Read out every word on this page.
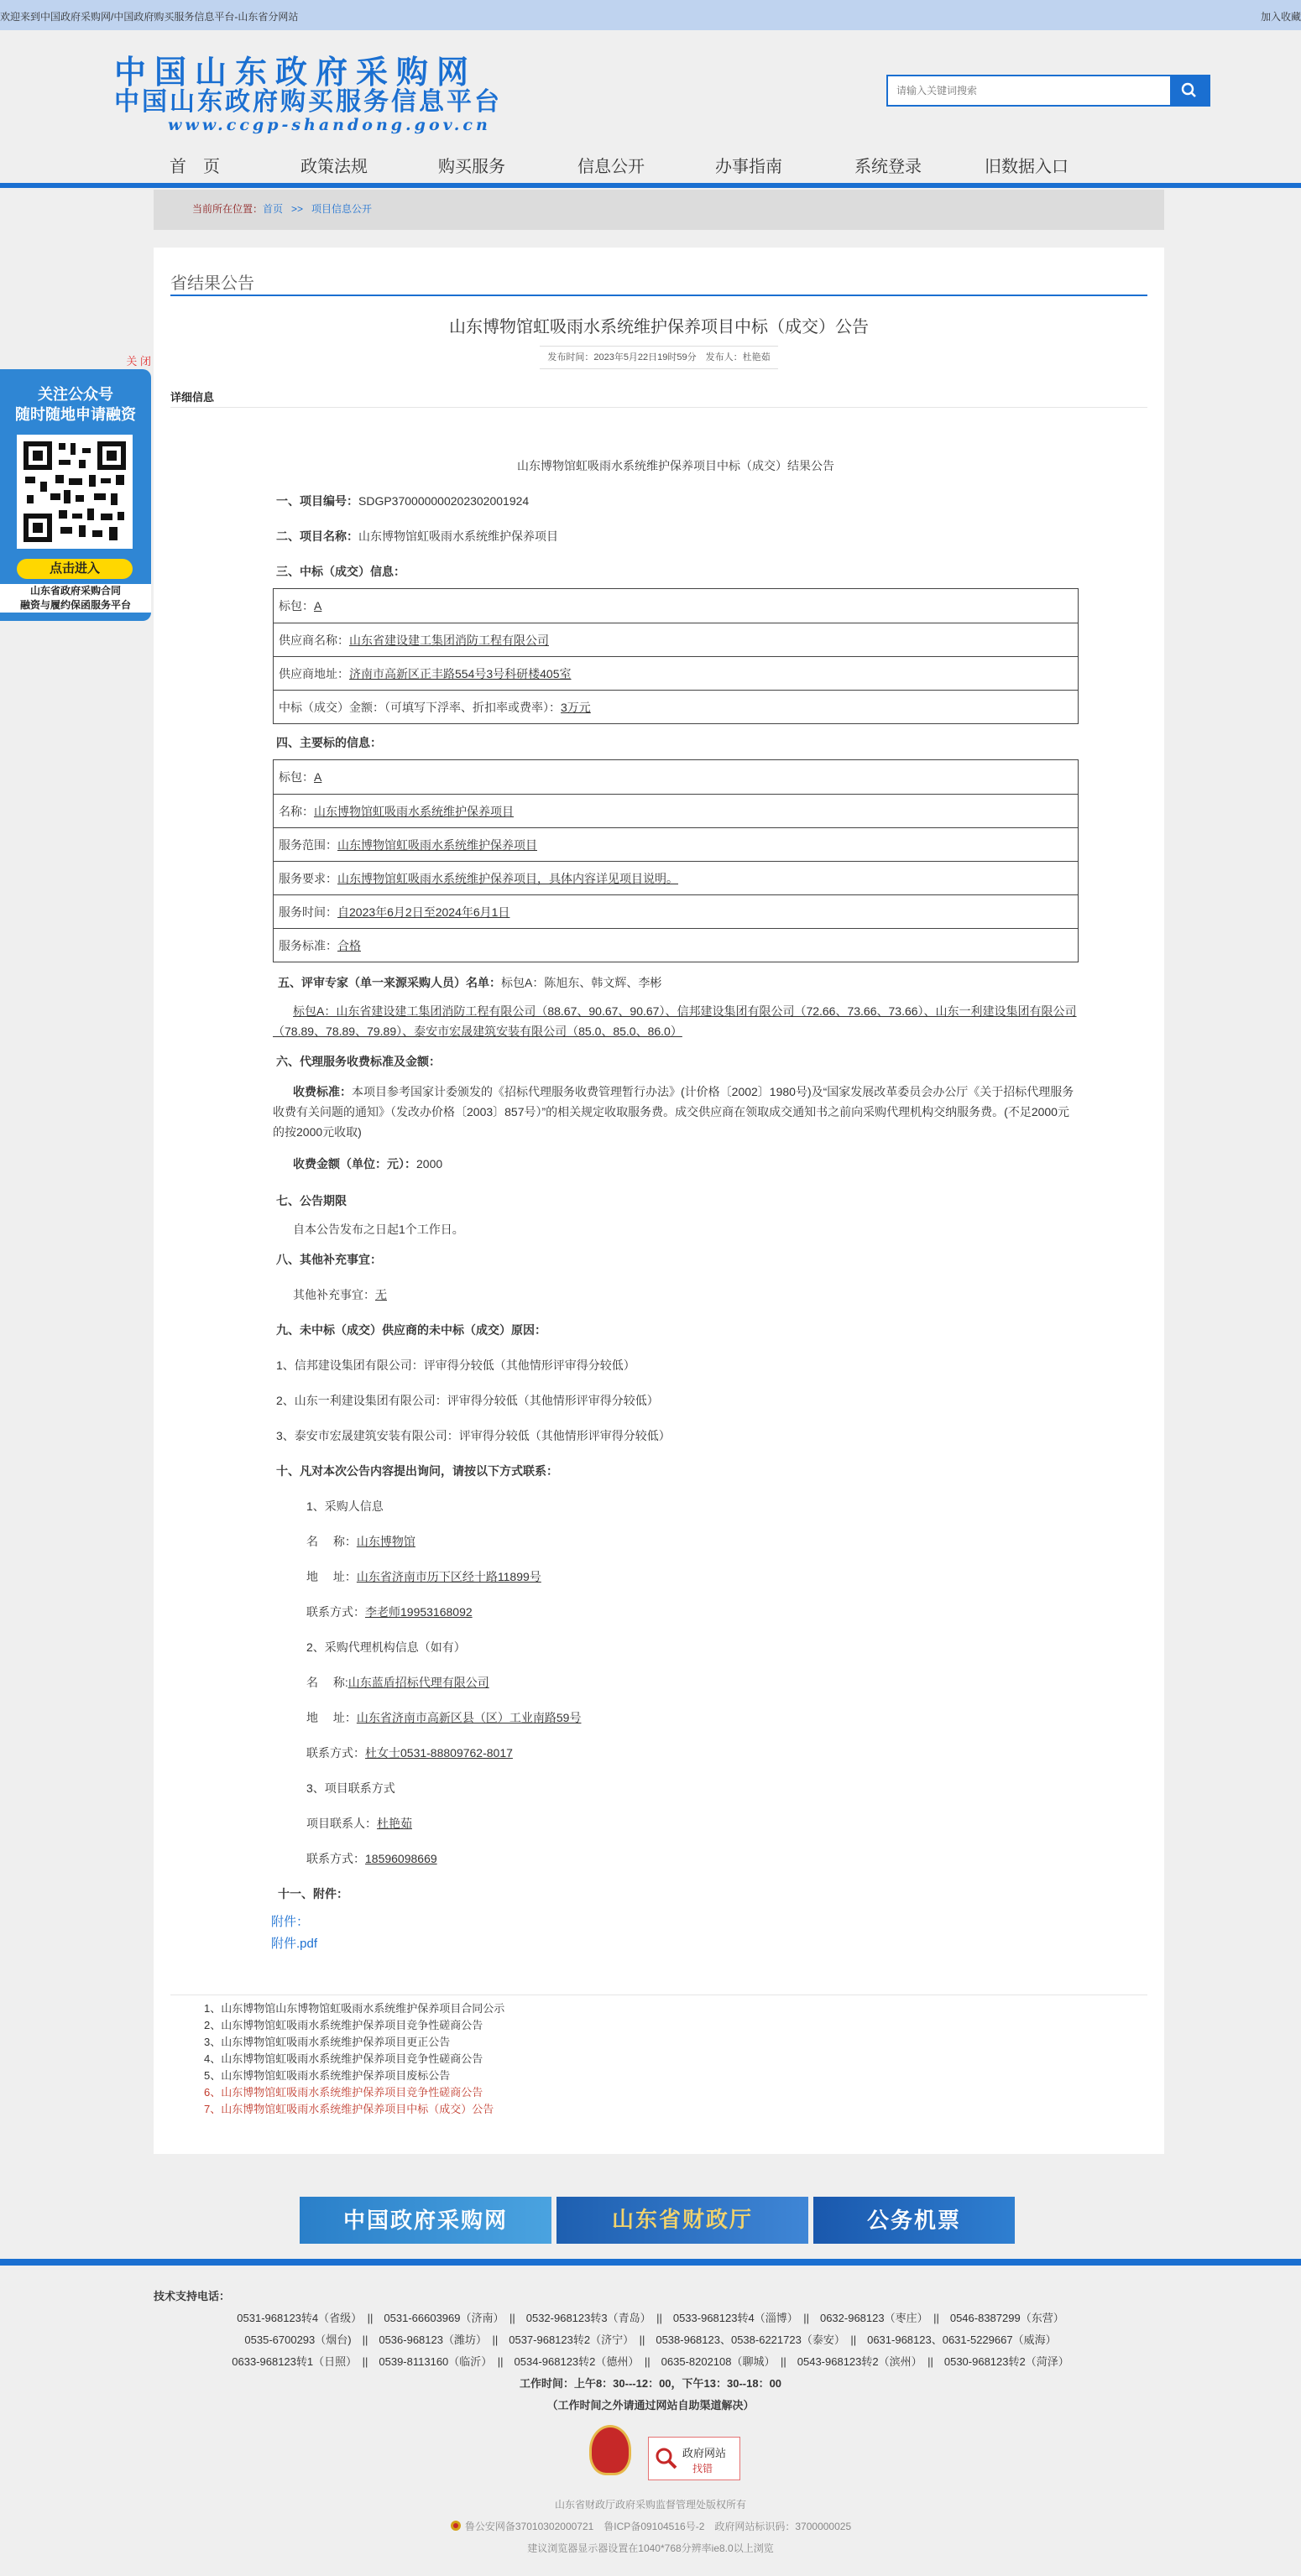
欢迎来到中国政府采购网/中国政府购买服务信息平台-山东省分网站	加入收藏
中国山东政府采购网
中国山东政府购买服务信息平台
www.ccgp-shandong.gov.cn
请输入关键词搜索
首　页	政策法规	购买服务	信息公开	办事指南	系统登录	旧数据入口
当前所在位置：首页 >> 项目信息公开
省结果公告
山东博物馆虹吸雨水系统维护保养项目中标（成交）公告
发布时间：2023年5月22日19时59分　发布人：杜艳茹
详细信息
山东博物馆虹吸雨水系统维护保养项目中标（成交）结果公告
一、项目编号：SDGP370000000202302001924
二、项目名称：山东博物馆虹吸雨水系统维护保养项目
三、中标（成交）信息：
标包：A
供应商名称：山东省建设建工集团消防工程有限公司
供应商地址：济南市高新区正丰路554号3号科研楼405室
中标（成交）金额：（可填写下浮率、折扣率或费率）：3万元
四、主要标的信息：
标包：A
名称：山东博物馆虹吸雨水系统维护保养项目
服务范围：山东博物馆虹吸雨水系统维护保养项目
服务要求：山东博物馆虹吸雨水系统维护保养项目，具体内容详见项目说明。
服务时间：自2023年6月2日至2024年6月1日
服务标准：合格
五、评审专家（单一来源采购人员）名单：标包A：陈旭东、韩文辉、李彬
标包A：山东省建设建工集团消防工程有限公司（88.67、90.67、90.67）、信邦建设集团有限公司（72.66、73.66、73.66）、山东一利建设集团有限公司（78.89、78.89、79.89）、泰安市宏晟建筑安装有限公司（85.0、85.0、86.0）
六、代理服务收费标准及金额：
收费标准：本项目参考国家计委颁发的《招标代理服务收费管理暂行办法》(计价格〔2002〕1980号)及“国家发展改革委员会办公厅《关于招标代理服务收费有关问题的通知》（发改办价格〔2003〕857号）”的相关规定收取服务费。成交供应商在领取成交通知书之前向采购代理机构交纳服务费。(不足2000元的按2000元收取)
收费金额（单位：元）：2000
七、公告期限
自本公告发布之日起1个工作日。
八、其他补充事宜：
其他补充事宜：无
九、未中标（成交）供应商的未中标（成交）原因：
1、信邦建设集团有限公司：评审得分较低（其他情形评审得分较低）
2、山东一利建设集团有限公司：评审得分较低（其他情形评审得分较低）
3、泰安市宏晟建筑安装有限公司：评审得分较低（其他情形评审得分较低）
十、凡对本次公告内容提出询问，请按以下方式联系：
1、采购人信息
名　 称：山东博物馆
地　 址：山东省济南市历下区经十路11899号
联系方式：李老师19953168092
2、采购代理机构信息（如有）
名　 称:山东蓝盾招标代理有限公司
地　 址：山东省济南市高新区县（区）工业南路59号
联系方式：杜女士0531-88809762-8017
3、项目联系方式
项目联系人：杜艳茹
联系方式：18596098669
十一、附件：
附件：
附件.pdf
1、山东博物馆山东博物馆虹吸雨水系统维护保养项目合同公示
2、山东博物馆虹吸雨水系统维护保养项目竞争性磋商公告
3、山东博物馆虹吸雨水系统维护保养项目更正公告
4、山东博物馆虹吸雨水系统维护保养项目竞争性磋商公告
5、山东博物馆虹吸雨水系统维护保养项目废标公告
6、山东博物馆虹吸雨水系统维护保养项目竞争性磋商公告
7、山东博物馆虹吸雨水系统维护保养项目中标（成交）公告
关 闭
关注公众号
随时随地申请融资
点击进入
山东省政府采购合同
融资与履约保函服务平台
中国政府采购网	山东省财政厅	公务机票
技术支持电话：
0531-968123转4（省级）　||　0531-66603969（济南）　||　0532-968123转3（青岛）　||　0533-968123转4（淄博）　||　0632-968123（枣庄）　||　0546-8387299（东营）
0535-6700293（烟台)　||　0536-968123（潍坊）　||　0537-968123转2（济宁）　||　0538-968123、0538-6221723（泰安）　||　0631-968123、0631-5229667（威海）
0633-968123转1（日照）　||　0539-8113160（临沂）　||　0534-968123转2（德州）　||　0635-8202108（聊城）　||　0543-968123转2（滨州）　||　0530-968123转2（菏泽）
工作时间：上午8：30---12：00，下午13：30--18：00
（工作时间之外请通过网站自助渠道解决）
政府网站
找错
山东省财政厅政府采购监督管理处版权所有
鲁公安网备37010302000721　鲁ICP备09104516号-2　政府网站标识码：3700000025
建议浏览器显示器设置在1040*768分辨率ie8.0以上浏览
